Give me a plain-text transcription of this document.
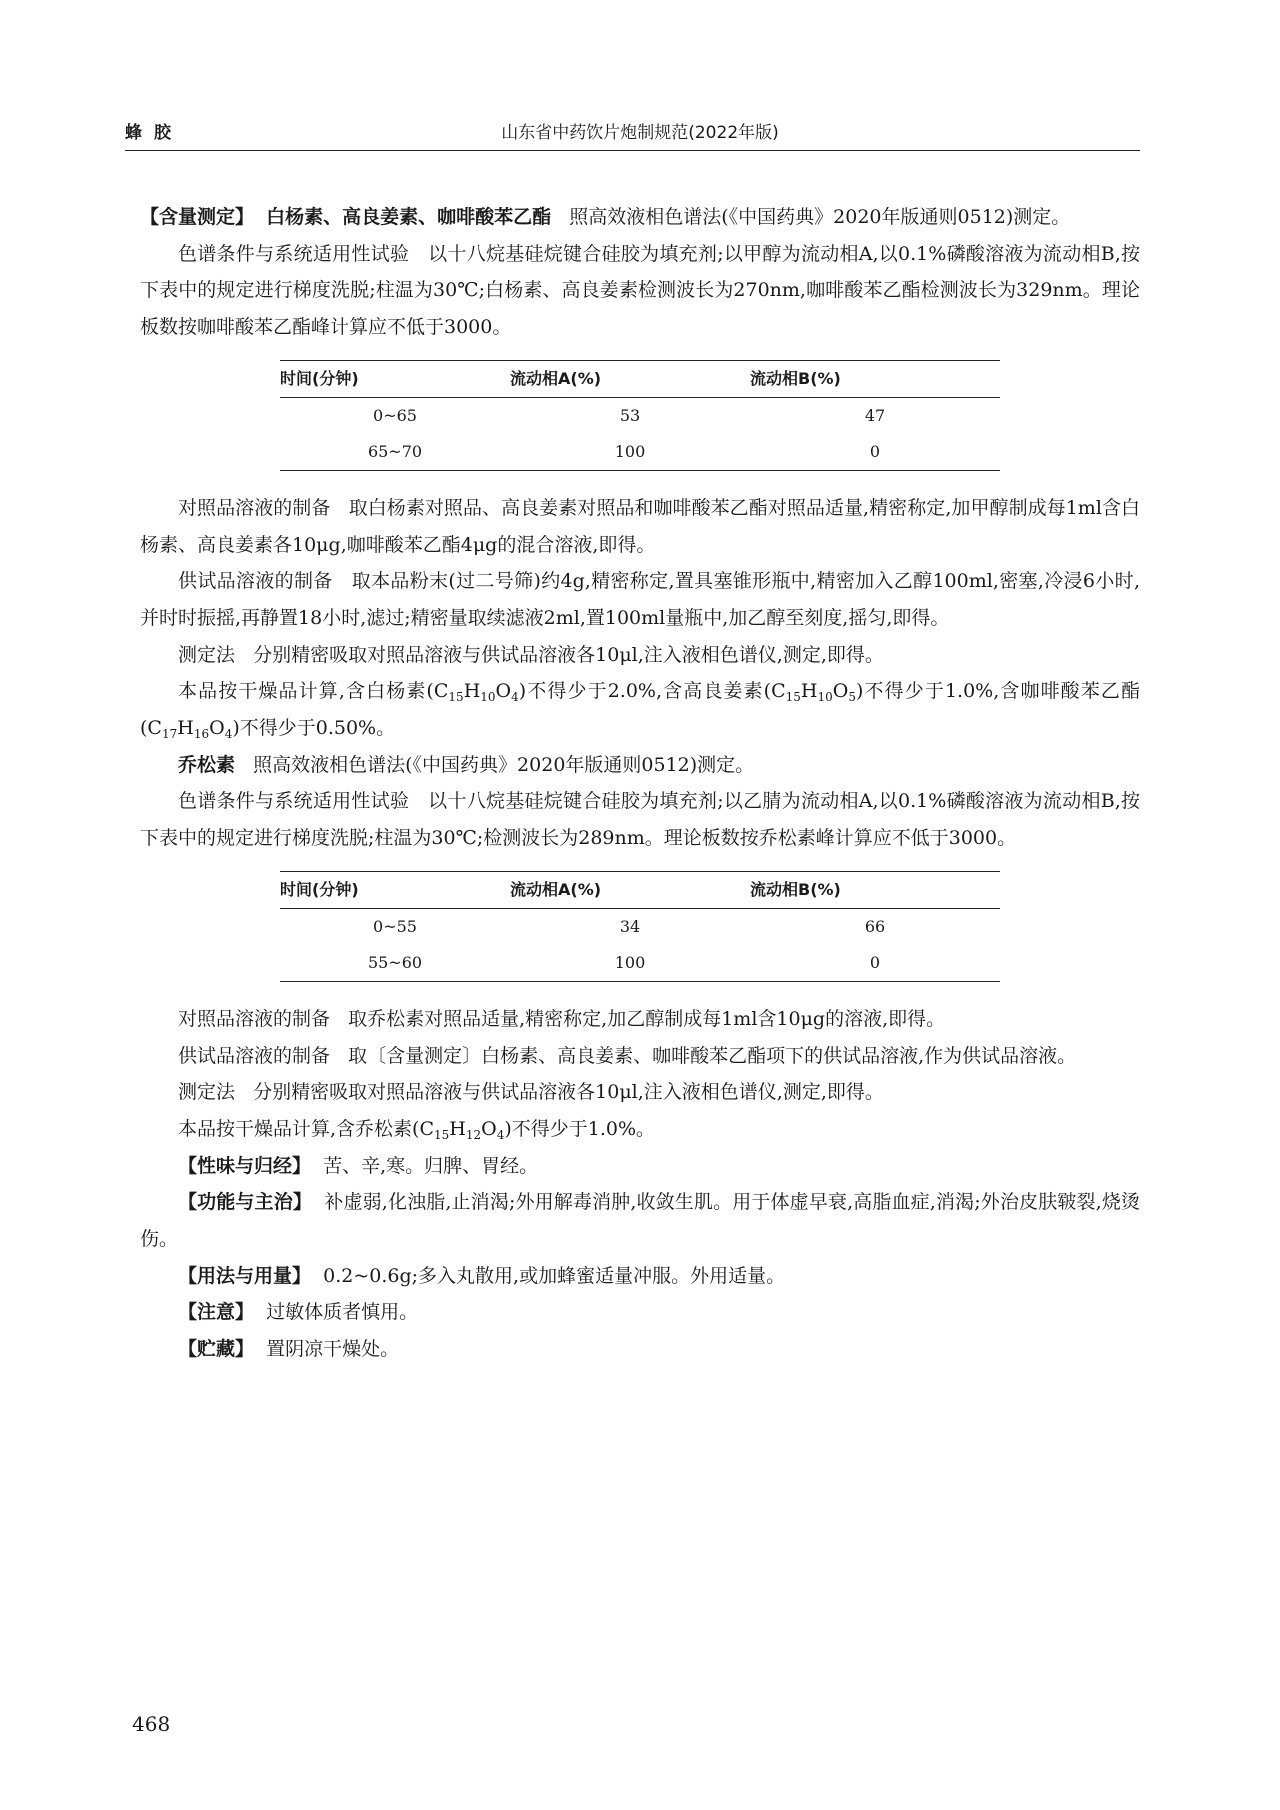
蜂胶	山东省中药饮片炮制规范(2022年版)

【含量测定】 白杨素、高良姜素、咖啡酸苯乙酯 照高效液相色谱法(《中国药典》2020年版通则0512)测定。

色谱条件与系统适用性试验 以十八烷基硅烷键合硅胶为填充剂;以甲醇为流动相A,以0.1%磷酸溶液为流动相B,按下表中的规定进行梯度洗脱;柱温为30℃;白杨素、高良姜素检测波长为270nm,咖啡酸苯乙酯检测波长为329nm。理论板数按咖啡酸苯乙酯峰计算应不低于3000。

时间(分钟)	流动相A(%)	流动相B(%)
0~65	53	47
65~70	100	0

对照品溶液的制备 取白杨素对照品、高良姜素对照品和咖啡酸苯乙酯对照品适量,精密称定,加甲醇制成每1ml含白杨素、高良姜素各10μg,咖啡酸苯乙酯4μg的混合溶液,即得。

供试品溶液的制备 取本品粉末(过二号筛)约4g,精密称定,置具塞锥形瓶中,精密加入乙醇100ml,密塞,冷浸6小时,并时时振摇,再静置18小时,滤过;精密量取续滤液2ml,置100ml量瓶中,加乙醇至刻度,摇匀,即得。

测定法 分别精密吸取对照品溶液与供试品溶液各10μl,注入液相色谱仪,测定,即得。

本品按干燥品计算,含白杨素$(C_{15}H_{10}O_4)$不得少于2.0%,含高良姜素$(C_{15}H_{10}O_5)$不得少于1.0%,含咖啡酸苯乙酯$(C_{17}H_{16}O_4)$不得少于0.50%。

乔松素 照高效液相色谱法(《中国药典》2020年版通则0512)测定。

色谱条件与系统适用性试验 以十八烷基硅烷键合硅胶为填充剂;以乙腈为流动相A,以0.1%磷酸溶液为流动相B,按下表中的规定进行梯度洗脱;柱温为30℃;检测波长为289nm。理论板数按乔松素峰计算应不低于3000。

时间(分钟)	流动相A(%)	流动相B(%)
0~55	34	66
55~60	100	0

对照品溶液的制备 取乔松素对照品适量,精密称定,加乙醇制成每1ml含10μg的溶液,即得。

供试品溶液的制备 取〔含量测定〕白杨素、高良姜素、咖啡酸苯乙酯项下的供试品溶液,作为供试品溶液。

测定法 分别精密吸取对照品溶液与供试品溶液各10μl,注入液相色谱仪,测定,即得。

本品按干燥品计算,含乔松素$(C_{15}H_{12}O_4)$不得少于1.0%。

【性味与归经】 苦、辛,寒。归脾、胃经。

【功能与主治】 补虚弱,化浊脂,止消渴;外用解毒消肿,收敛生肌。用于体虚早衰,高脂血症,消渴;外治皮肤皲裂,烧烫伤。

【用法与用量】 0.2~0.6g;多入丸散用,或加蜂蜜适量冲服。外用适量。

【注意】 过敏体质者慎用。

【贮藏】 置阴凉干燥处。

468
